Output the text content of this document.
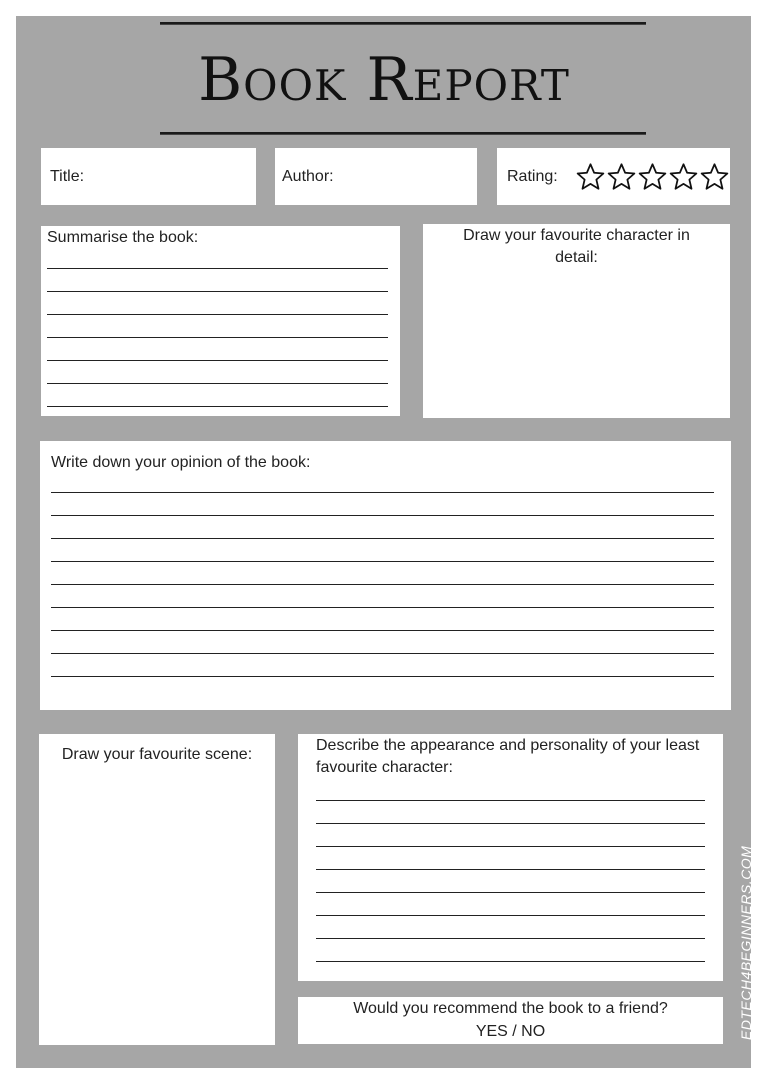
Book Report
Title:	Author:	Rating:
Summarise the book:	Draw your favourite character in detail:
Write down your opinion of the book:
Draw your favourite scene:
Describe the appearance and personality of your least favourite character:
Would you recommend the book to a friend?
YES / NO	EDTECH4BEGINNERS.COM
